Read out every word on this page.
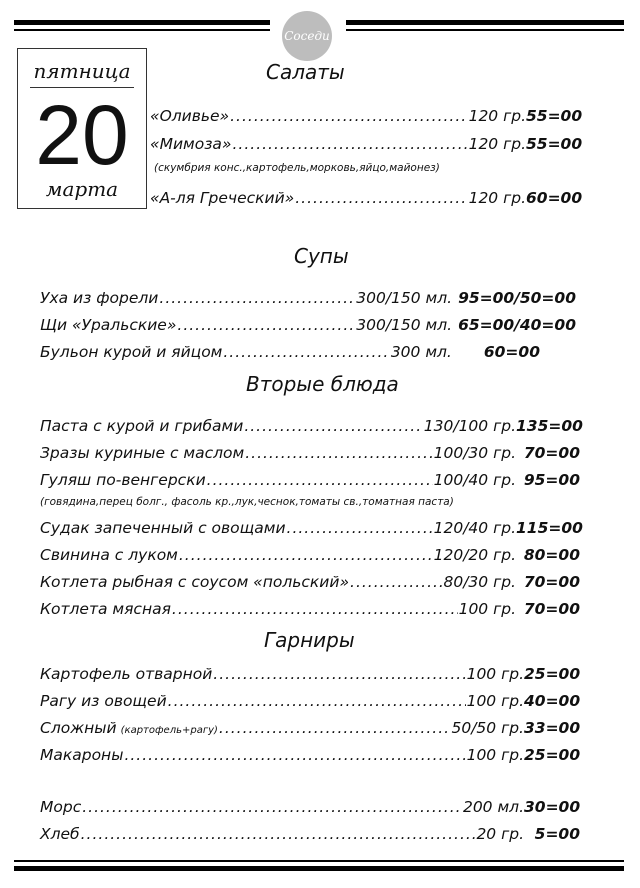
Соседи
пятница
20
марта
Салаты
«Оливье» .....	120 гр. 55=00
«Мимоза» .....	120 гр. 55=00
(скумбрия конс.,картофель,морковь,яйцо,майонез)
«А-ля Греческий» .....	120 гр. 60=00
Супы
Уха из форели .....	300/150 мл. 95=00/50=00
Щи «Уральские» .....	300/150 мл. 65=00/40=00
Бульон курой и яйцом .....	300 мл. 60=00
Вторые блюда
Паста с курой и грибами .....	130/100 гр. 135=00
Зразы куриные с маслом .....	100/30 гр. 70=00
Гуляш по-венгерски .....	100/40 гр. 95=00
(говядина,перец болг., фасоль кр.,лук,чеснок,томаты св.,томатная паста)
Судак запеченный с овощами .....	120/40 гр. 115=00
Свинина с луком .....	120/20 гр. 80=00
Котлета рыбная с соусом «польский» .....	80/30 гр. 70=00
Котлета мясная .....	100 гр. 70=00
Гарниры
Картофель отварной .....	100 гр. 25=00
Рагу из овощей .....	100 гр. 40=00
Сложный (картофель+рагу) .....	50/50 гр. 33=00
Макароны .....	100 гр. 25=00
Морс .....	200 мл. 30=00
Хлеб .....	20 гр. 5=00
